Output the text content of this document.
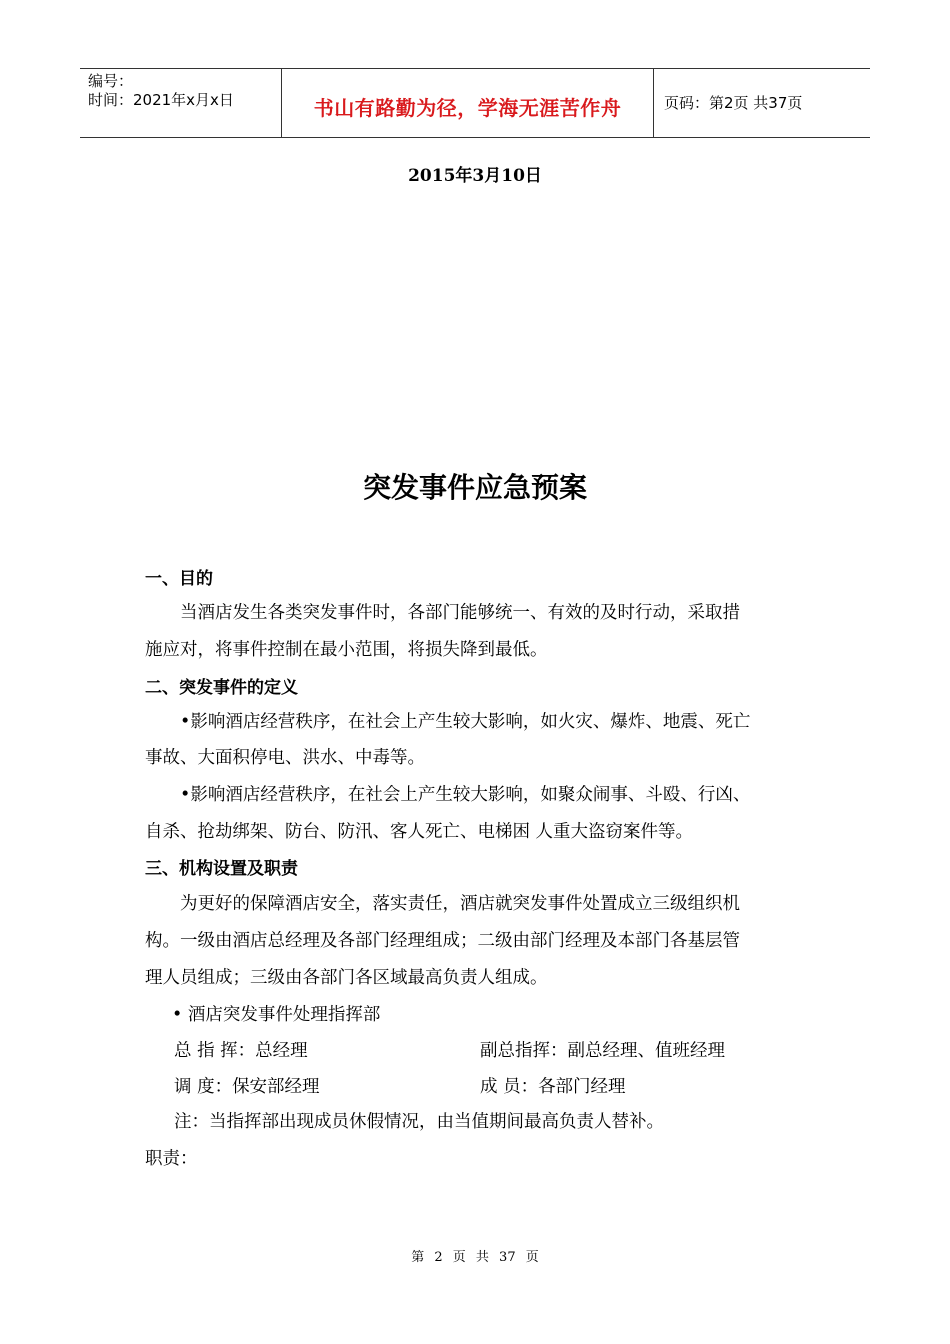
编号：
时间：2021年x月x日	书山有路勤为径，学海无涯苦作舟	页码：第2页 共37页
2015年3月10日
突发事件应急预案
一、目的
当酒店发生各类突发事件时，各部门能够统一、有效的及时行动，采取措
施应对，将事件控制在最小范围，将损失降到最低。
二、突发事件的定义
•影响酒店经营秩序，在社会上产生较大影响，如火灾、爆炸、地震、死亡
事故、大面积停电、洪水、中毒等。
•影响酒店经营秩序，在社会上产生较大影响，如聚众闹事、斗殴、行凶、
自杀、抢劫绑架、防台、防汛、客人死亡、电梯困 人重大盗窃案件等。
三、机构设置及职责
为更好的保障酒店安全，落实责任，酒店就突发事件处置成立三级组织机
构。一级由酒店总经理及各部门经理组成；二级由部门经理及本部门各基层管
理人员组成；三级由各部门各区域最高负责人组成。
• 酒店突发事件处理指挥部
总 指 挥：总经理	副总指挥：副总经理、值班经理
调 度：保安部经理	成 员：各部门经理
注：当指挥部出现成员休假情况，由当值期间最高负责人替补。
职责：
第 2 页 共 37 页
